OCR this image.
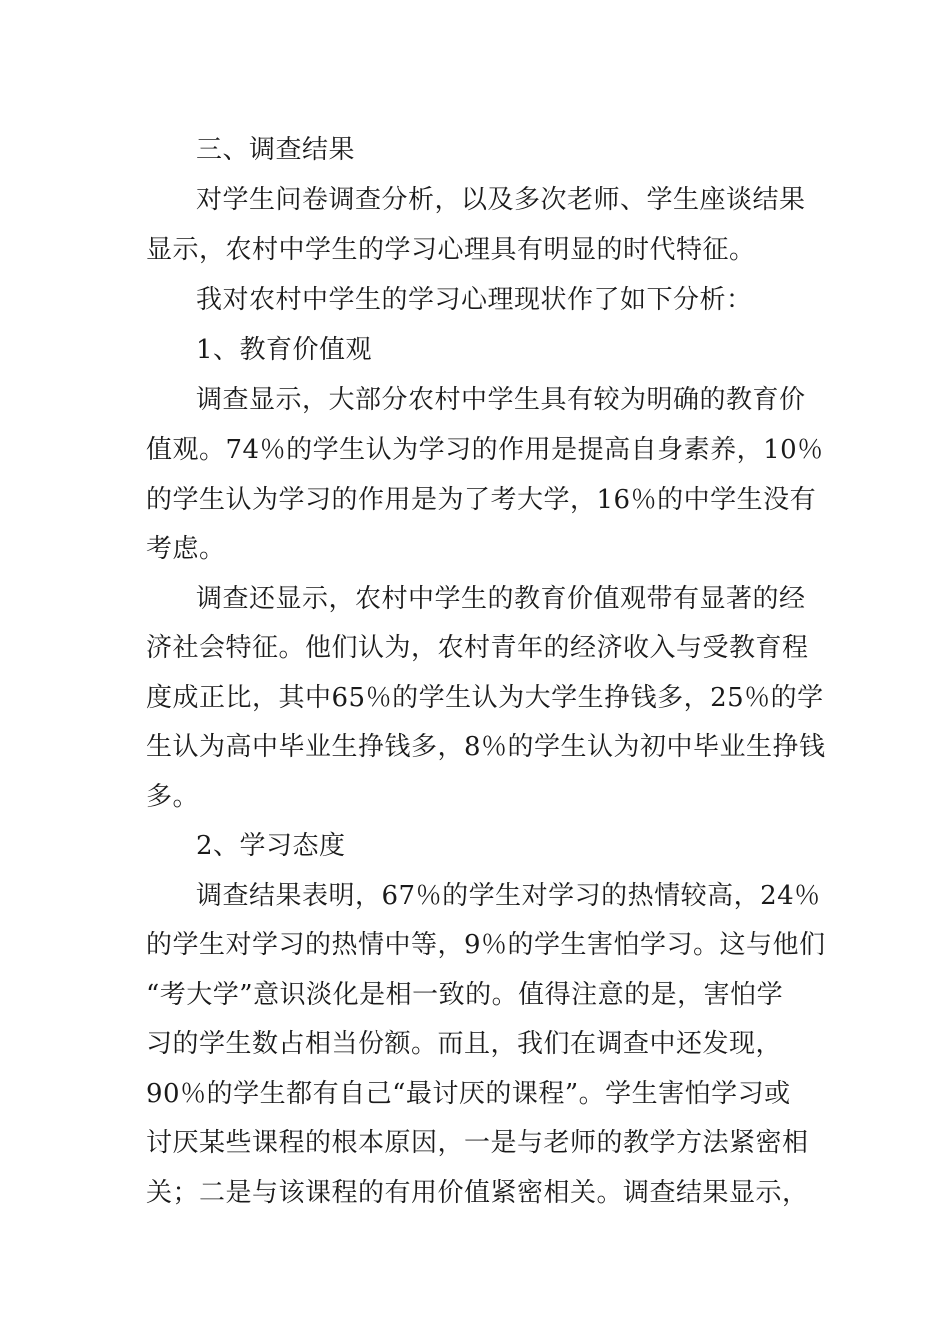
三、调查结果
对学生问卷调查分析，以及多次老师、学生座谈结果
显示，农村中学生的学习心理具有明显的时代特征。
我对农村中学生的学习心理现状作了如下分析：
1、教育价值观
调查显示，大部分农村中学生具有较为明确的教育价
值观。74％的学生认为学习的作用是提高自身素养，10％
的学生认为学习的作用是为了考大学，16％的中学生没有
考虑。
调查还显示，农村中学生的教育价值观带有显著的经
济社会特征。他们认为，农村青年的经济收入与受教育程
度成正比，其中65％的学生认为大学生挣钱多，25％的学
生认为高中毕业生挣钱多，8％的学生认为初中毕业生挣钱
多。
2、学习态度
调查结果表明，67％的学生对学习的热情较高，24％
的学生对学习的热情中等，9％的学生害怕学习。这与他们
“考大学”意识淡化是相一致的。值得注意的是，害怕学
习的学生数占相当份额。而且，我们在调查中还发现，
90％的学生都有自己“最讨厌的课程”。学生害怕学习或
讨厌某些课程的根本原因，一是与老师的教学方法紧密相
关；二是与该课程的有用价值紧密相关。调查结果显示，
